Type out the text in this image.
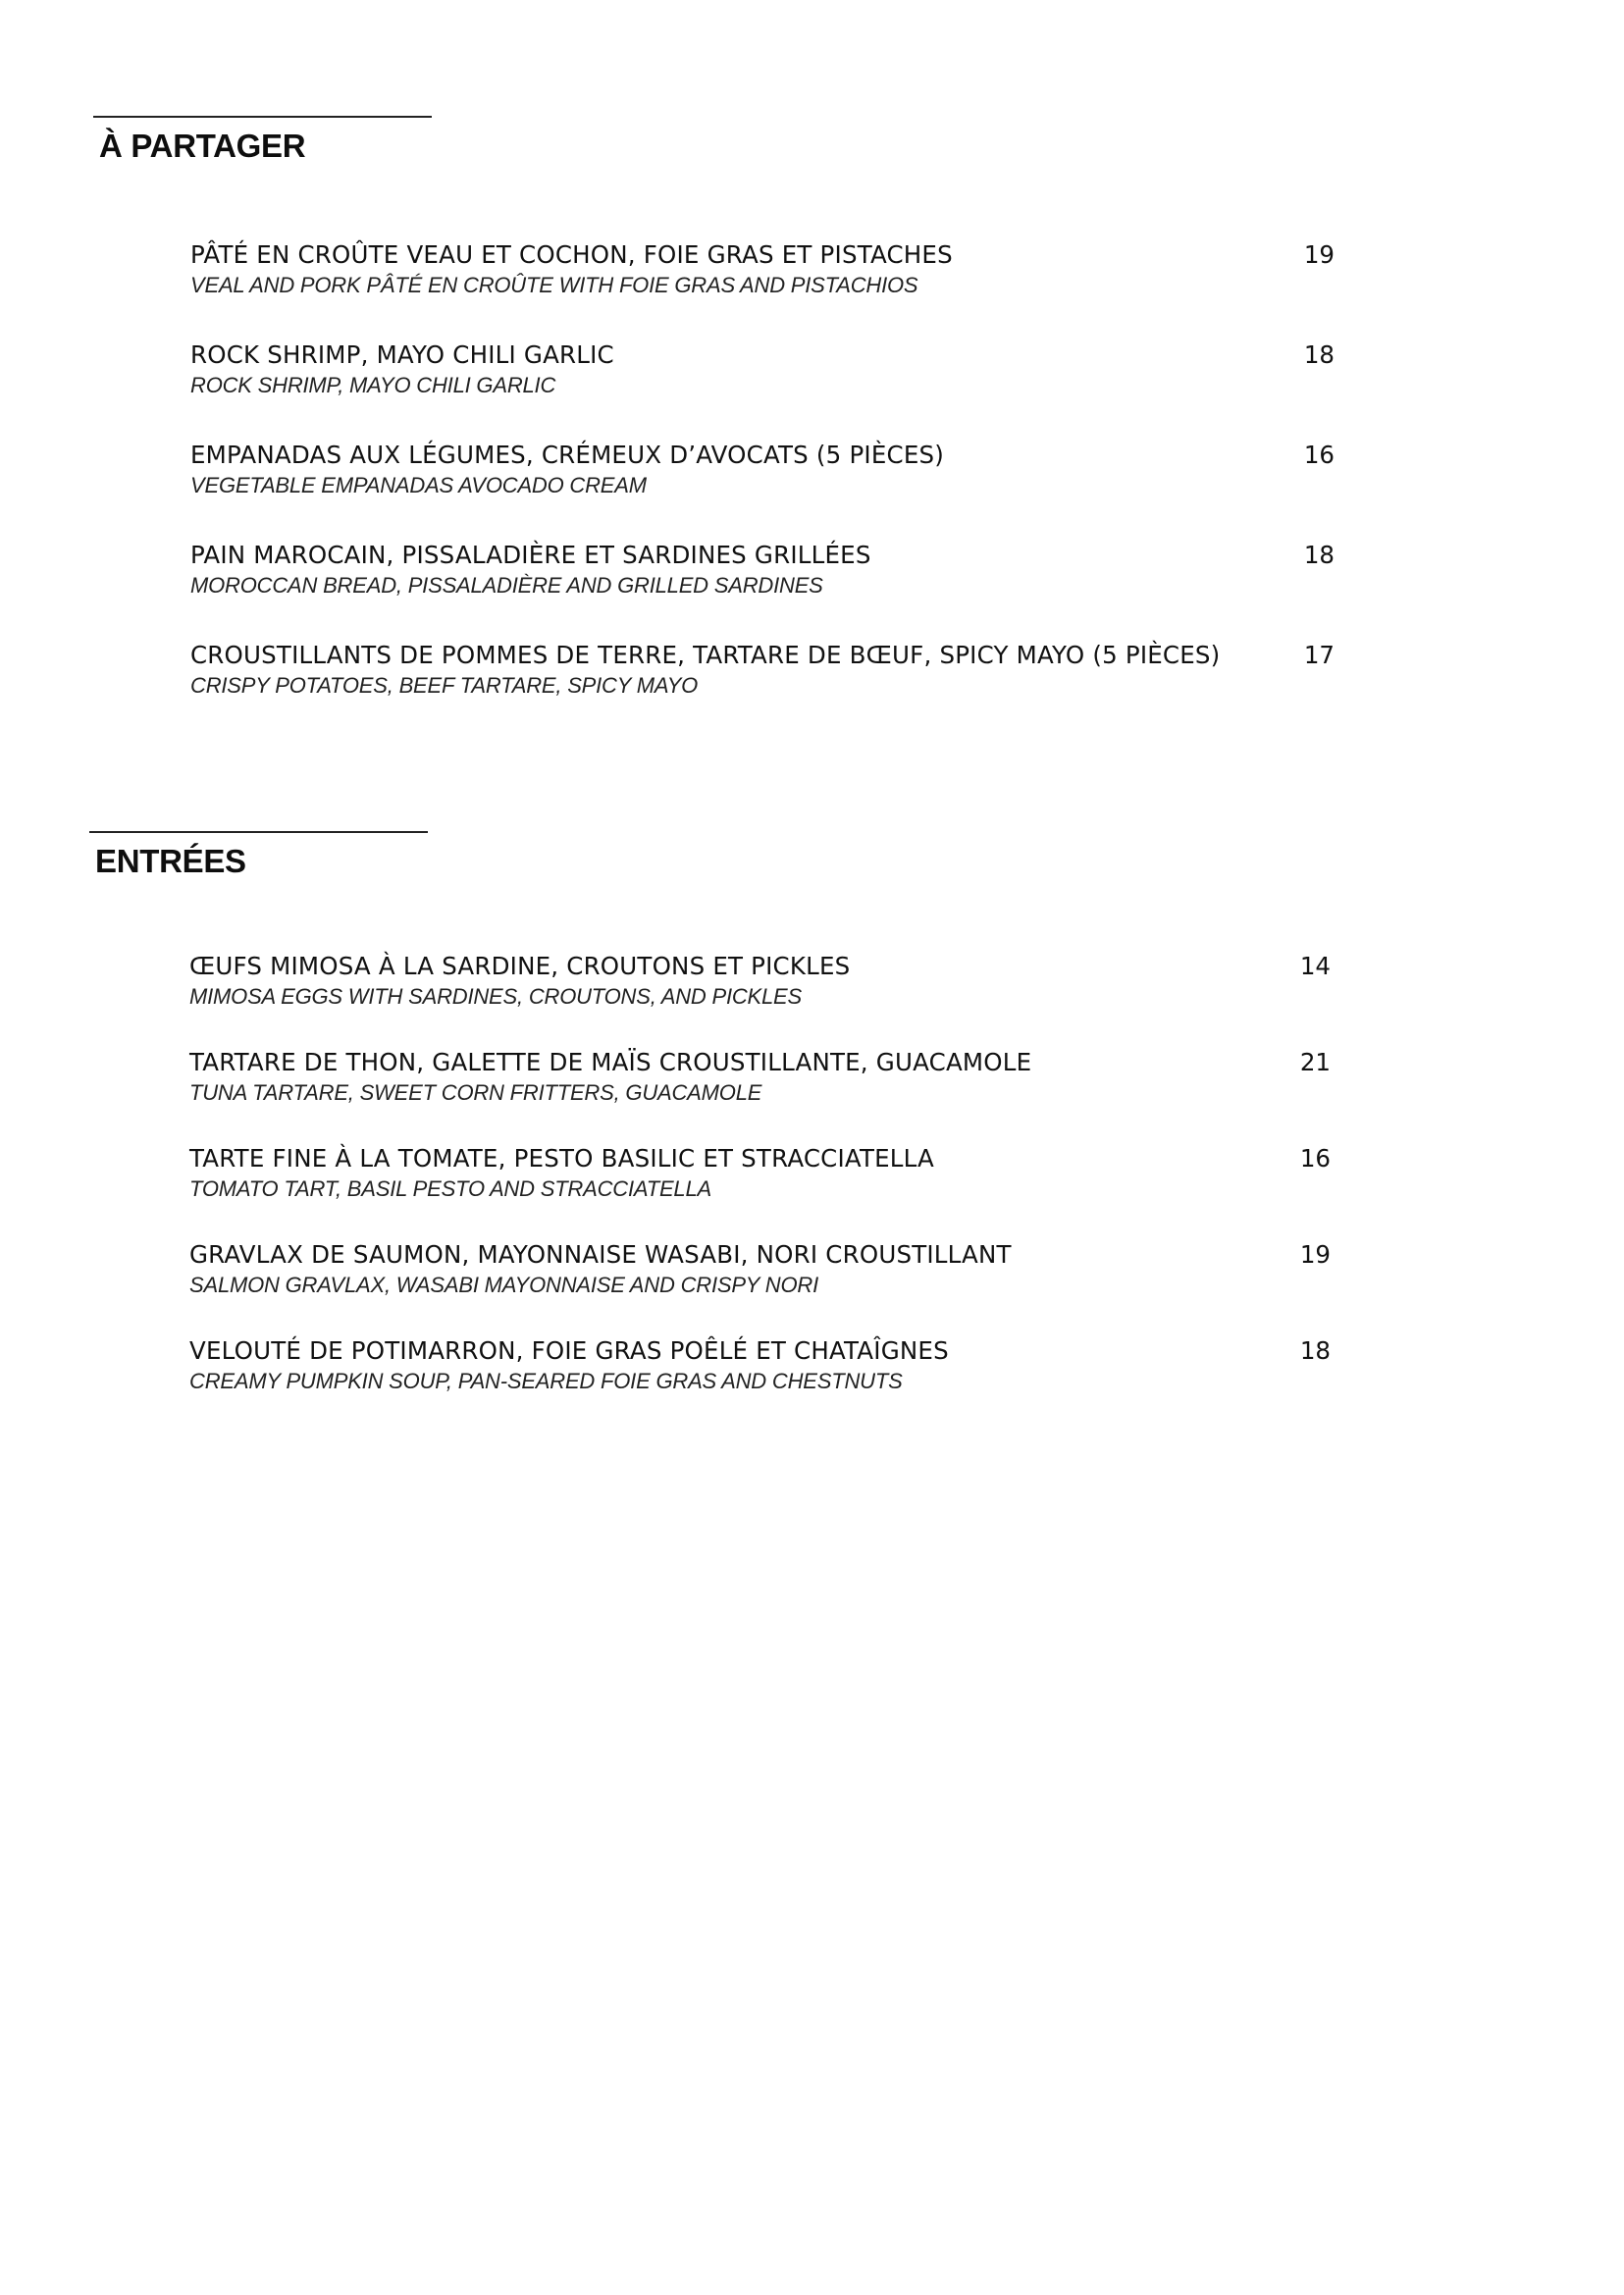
À PARTAGER
PÂTÉ EN CROÛTE VEAU ET COCHON, FOIE GRAS ET PISTACHES
VEAL AND PORK PÂTÉ EN CROÛTE WITH FOIE GRAS AND PISTACHIOS
19
ROCK SHRIMP, MAYO CHILI GARLIC
ROCK SHRIMP, MAYO CHILI GARLIC
18
EMPANADAS AUX LÉGUMES, CRÉMEUX D’AVOCATS (5 PIÈCES)
VEGETABLE EMPANADAS AVOCADO CREAM
16
PAIN MAROCAIN, PISSALADIÈRE ET SARDINES GRILLÉES
MOROCCAN BREAD, PISSALADIÈRE AND GRILLED SARDINES
18
CROUSTILLANTS DE POMMES DE TERRE, TARTARE DE BŒUF, SPICY MAYO (5 PIÈCES)
CRISPY POTATOES, BEEF TARTARE, SPICY MAYO
17
ENTRÉES
ŒUFS MIMOSA À LA SARDINE, CROUTONS ET PICKLES
MIMOSA EGGS WITH SARDINES, CROUTONS, AND PICKLES
14
TARTARE DE THON, GALETTE DE MAÏS CROUSTILLANTE, GUACAMOLE
TUNA TARTARE, SWEET CORN FRITTERS, GUACAMOLE
21
TARTE FINE À LA TOMATE, PESTO BASILIC ET STRACCIATELLA
TOMATO TART, BASIL PESTO AND STRACCIATELLA
16
GRAVLAX DE SAUMON, MAYONNAISE WASABI, NORI CROUSTILLANT
SALMON GRAVLAX, WASABI MAYONNAISE AND CRISPY NORI
19
VELOUTÉ DE POTIMARRON, FOIE GRAS POÊLÉ ET CHATAÎGNES
CREAMY PUMPKIN SOUP, PAN-SEARED FOIE GRAS AND CHESTNUTS
18
